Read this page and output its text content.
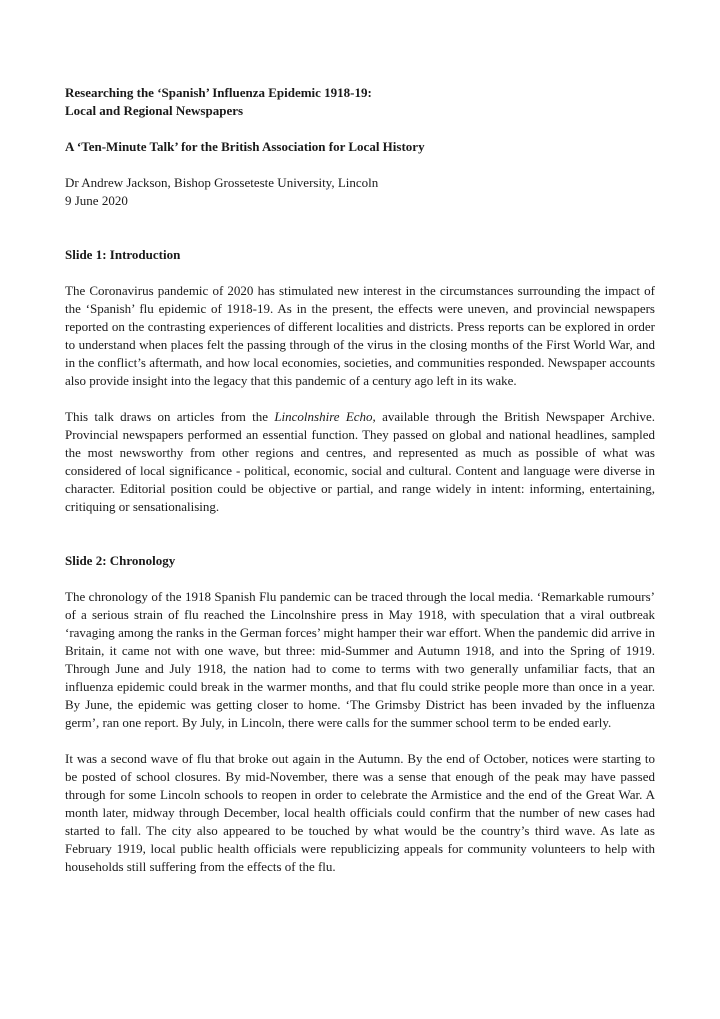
Researching the ‘Spanish’ Influenza Epidemic 1918-19:
Local and Regional Newspapers

A ‘Ten-Minute Talk’ for the British Association for Local History

Dr Andrew Jackson, Bishop Grosseteste University, Lincoln
9 June 2020

Slide 1: Introduction

The Coronavirus pandemic of 2020 has stimulated new interest in the circumstances surrounding the impact of the ‘Spanish’ flu epidemic of 1918-19. As in the present, the effects were uneven, and provincial newspapers reported on the contrasting experiences of different localities and districts. Press reports can be explored in order to understand when places felt the passing through of the virus in the closing months of the First World War, and in the conflict’s aftermath, and how local economies, societies, and communities responded. Newspaper accounts also provide insight into the legacy that this pandemic of a century ago left in its wake.

This talk draws on articles from the Lincolnshire Echo, available through the British Newspaper Archive. Provincial newspapers performed an essential function. They passed on global and national headlines, sampled the most newsworthy from other regions and centres, and represented as much as possible of what was considered of local significance - political, economic, social and cultural. Content and language were diverse in character. Editorial position could be objective or partial, and range widely in intent: informing, entertaining, critiquing or sensationalising.

Slide 2: Chronology

The chronology of the 1918 Spanish Flu pandemic can be traced through the local media. ‘Remarkable rumours’ of a serious strain of flu reached the Lincolnshire press in May 1918, with speculation that a viral outbreak ‘ravaging among the ranks in the German forces’ might hamper their war effort. When the pandemic did arrive in Britain, it came not with one wave, but three: mid-Summer and Autumn 1918, and into the Spring of 1919. Through June and July 1918, the nation had to come to terms with two generally unfamiliar facts, that an influenza epidemic could break in the warmer months, and that flu could strike people more than once in a year. By June, the epidemic was getting closer to home. ‘The Grimsby District has been invaded by the influenza germ’, ran one report. By July, in Lincoln, there were calls for the summer school term to be ended early.

It was a second wave of flu that broke out again in the Autumn. By the end of October, notices were starting to be posted of school closures. By mid-November, there was a sense that enough of the peak may have passed through for some Lincoln schools to reopen in order to celebrate the Armistice and the end of the Great War. A month later, midway through December, local health officials could confirm that the number of new cases had started to fall. The city also appeared to be touched by what would be the country’s third wave. As late as February 1919, local public health officials were republicizing appeals for community volunteers to help with households still suffering from the effects of the flu.
